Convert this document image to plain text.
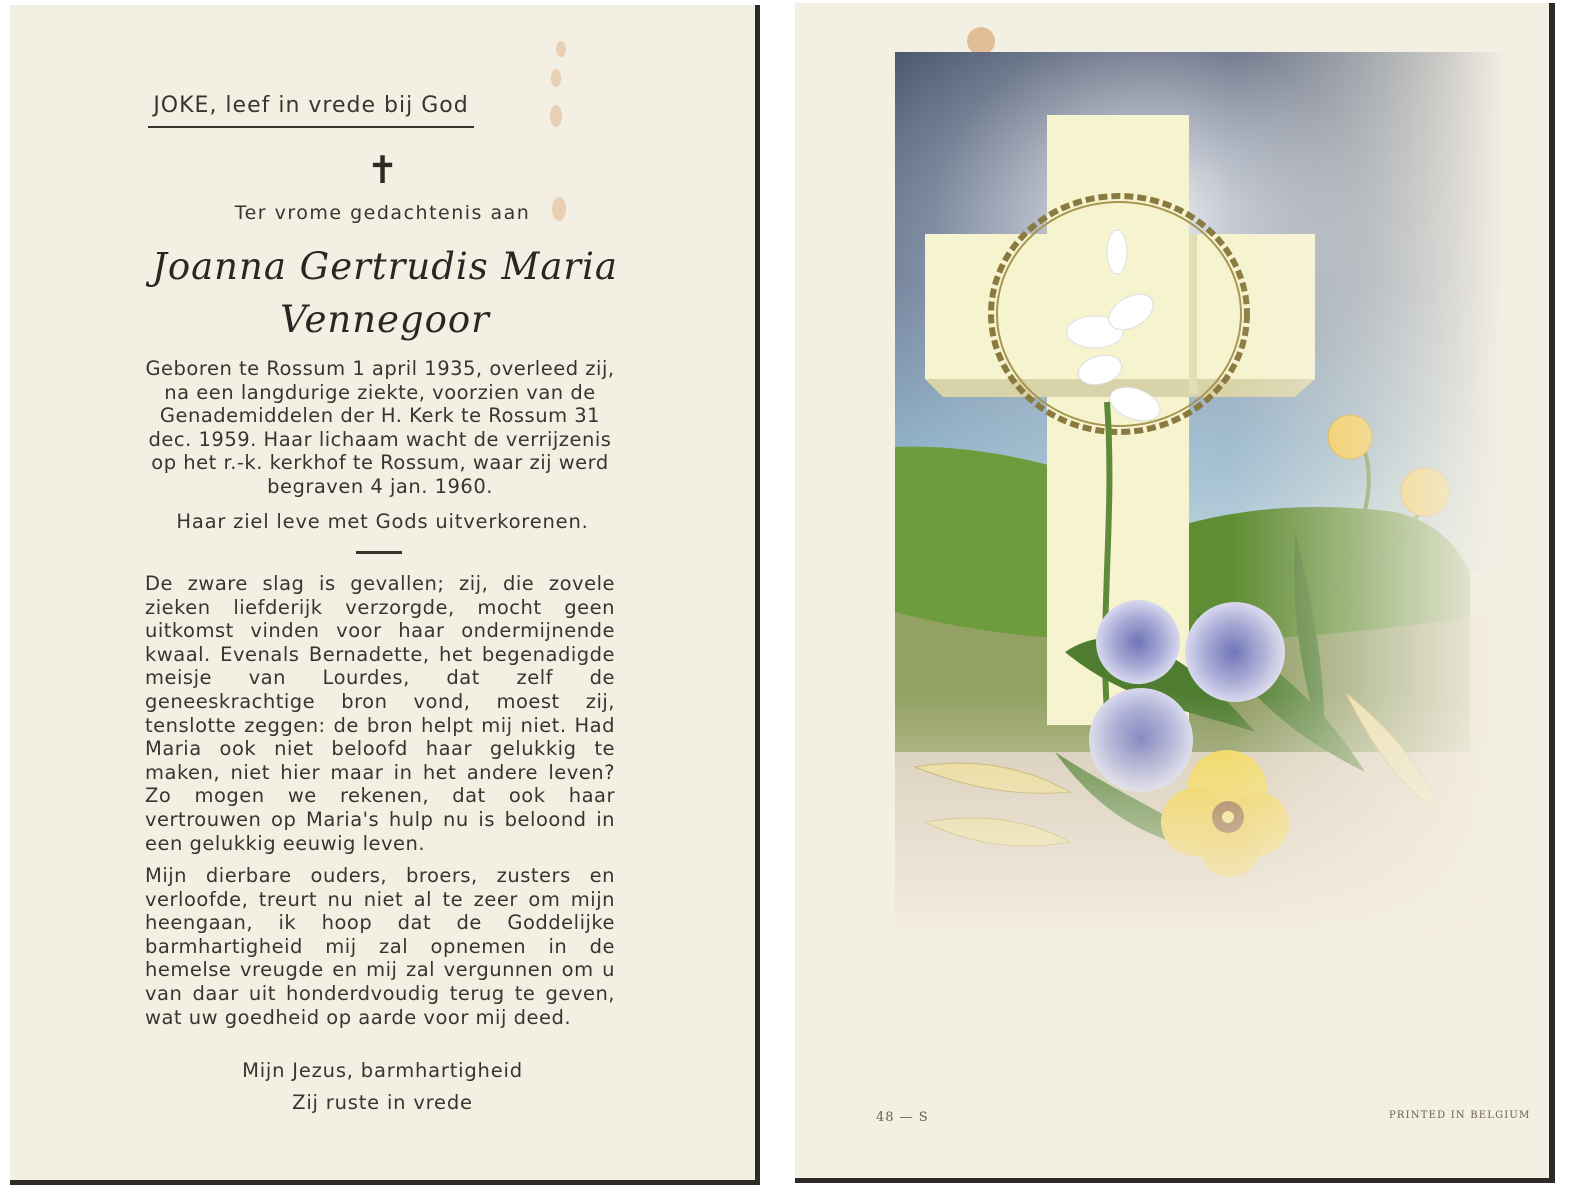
JOKE, leef in vrede bij God
✝
Ter vrome gedachtenis aan
Joanna Gertrudis Maria
Vennegoor
Geboren te Rossum 1 april 1935, overleed zij, na een langdurige ziekte, voorzien van de Genademiddelen der H. Kerk te Rossum 31 dec. 1959. Haar lichaam wacht de verrijzenis op het r.-k. kerkhof te Rossum, waar zij werd begraven 4 jan. 1960.
Haar ziel leve met Gods uitverkorenen.
De zware slag is gevallen; zij, die zovele zieken liefderijk verzorgde, mocht geen uitkomst vinden voor haar ondermijnende kwaal. Evenals Bernadette, het begenadigde meisje van Lourdes, dat zelf de geneeskrachtige bron vond, moest zij, tenslotte zeggen: de bron helpt mij niet. Had Maria ook niet beloofd haar gelukkig te maken, niet hier maar in het andere leven? Zo mogen we rekenen, dat ook haar vertrouwen op Maria's hulp nu is beloond in een gelukkig eeuwig leven.
Mijn dierbare ouders, broers, zusters en verloofde, treurt nu niet al te zeer om mijn heengaan, ik hoop dat de Goddelijke barmhartigheid mij zal opnemen in de hemelse vreugde en mij zal vergunnen om u van daar uit honderdvoudig terug te geven, wat uw goedheid op aarde voor mij deed.
Mijn Jezus, barmhartigheid
Zij ruste in vrede
48 — S	PRINTED IN BELGIUM
